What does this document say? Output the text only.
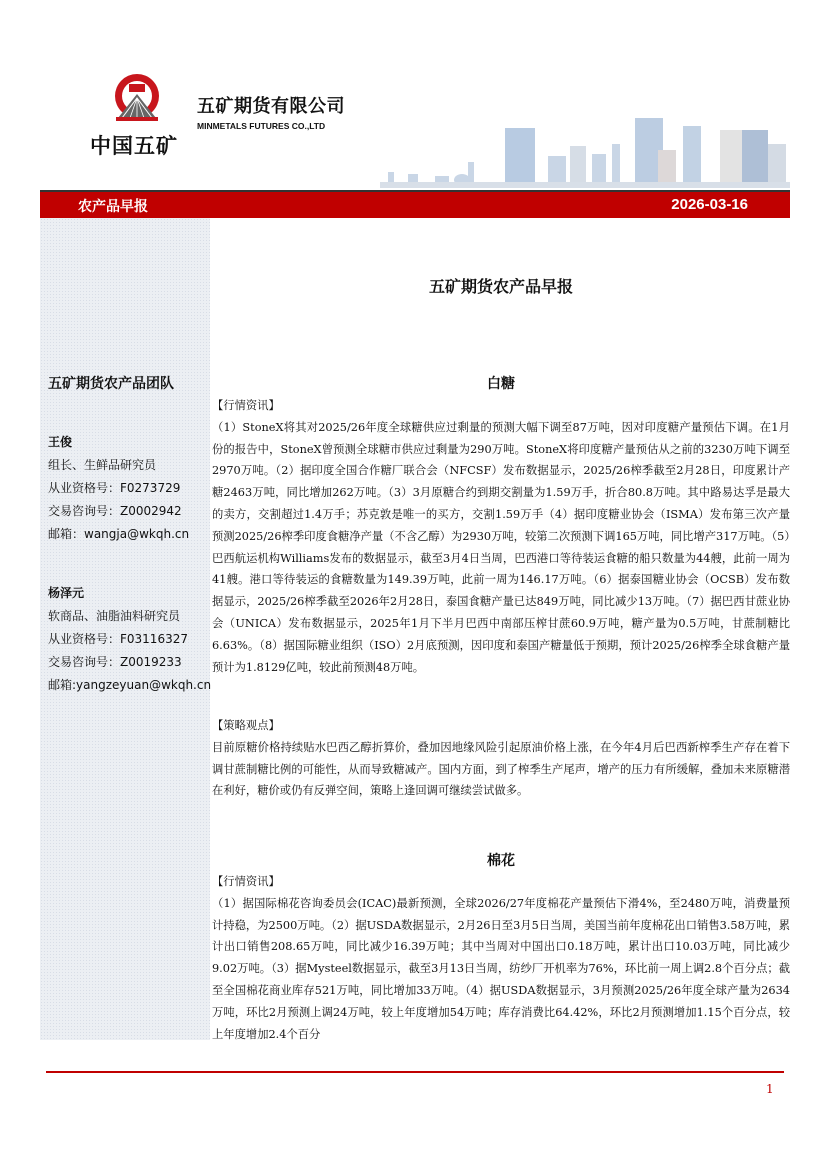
中国五矿
五矿期货有限公司
MINMETALS FUTURES CO.,LTD
农产品早报	2026-03-16
五矿期货农产品团队
王俊
组长、生鲜品研究员
从业资格号：F0273729
交易咨询号：Z0002942
邮箱：wangja@wkqh.cn
杨泽元
软商品、油脂油料研究员
从业资格号：F03116327
交易咨询号：Z0019233
邮箱:yangzeyuan@wkqh.cn
五矿期货农产品早报
白糖
【行情资讯】
（1）StoneX将其对2025/26年度全球糖供应过剩量的预测大幅下调至87万吨，因对印度糖产量预估下调。在1月份的报告中，StoneX曾预测全球糖市供应过剩量为290万吨。StoneX将印度糖产量预估从之前的3230万吨下调至2970万吨。（2）据印度全国合作糖厂联合会（NFCSF）发布数据显示，2025/26榨季截至2月28日，印度累计产糖2463万吨，同比增加262万吨。（3）3月原糖合约到期交割量为1.59万手，折合80.8万吨。其中路易达孚是最大的卖方，交割超过1.4万手；苏克敦是唯一的买方，交割1.59万手（4）据印度糖业协会（ISMA）发布第三次产量预测2025/26榨季印度食糖净产量（不含乙醇）为2930万吨，较第二次预测下调165万吨，同比增产317万吨。（5）巴西航运机构Williams发布的数据显示，截至3月4日当周，巴西港口等待装运食糖的船只数量为44艘，此前一周为41艘。港口等待装运的食糖数量为149.39万吨，此前一周为146.17万吨。（6）据泰国糖业协会（OCSB）发布数据显示，2025/26榨季截至2026年2月28日，泰国食糖产量已达849万吨，同比减少13万吨。（7）据巴西甘蔗业协会（UNICA）发布数据显示，2025年1月下半月巴西中南部压榨甘蔗60.9万吨，糖产量为0.5万吨，甘蔗制糖比6.63%。（8）据国际糖业组织（ISO）2月底预测，因印度和泰国产糖量低于预期，预计2025/26榨季全球食糖产量预计为1.8129亿吨，较此前预测48万吨。
【策略观点】
目前原糖价格持续贴水巴西乙醇折算价，叠加因地缘风险引起原油价格上涨，在今年4月后巴西新榨季生产存在着下调甘蔗制糖比例的可能性，从而导致糖减产。国内方面，到了榨季生产尾声，增产的压力有所缓解，叠加未来原糖潜在利好，糖价或仍有反弹空间，策略上逢回调可继续尝试做多。
棉花
【行情资讯】
（1）据国际棉花咨询委员会(ICAC)最新预测，全球2026/27年度棉花产量预估下滑4%，至2480万吨，消费量预计持稳，为2500万吨。（2）据USDA数据显示，2月26日至3月5日当周，美国当前年度棉花出口销售3.58万吨，累计出口销售208.65万吨，同比减少16.39万吨；其中当周对中国出口0.18万吨，累计出口10.03万吨，同比减少9.02万吨。（3）据Mysteel数据显示，截至3月13日当周，纺纱厂开机率为76%，环比前一周上调2.8个百分点；截至全国棉花商业库存521万吨，同比增加33万吨。（4）据USDA数据显示，3月预测2025/26年度全球产量为2634万吨，环比2月预测上调24万吨，较上年度增加54万吨；库存消费比64.42%，环比2月预测增加1.15个百分点，较上年度增加2.4个百分
1
